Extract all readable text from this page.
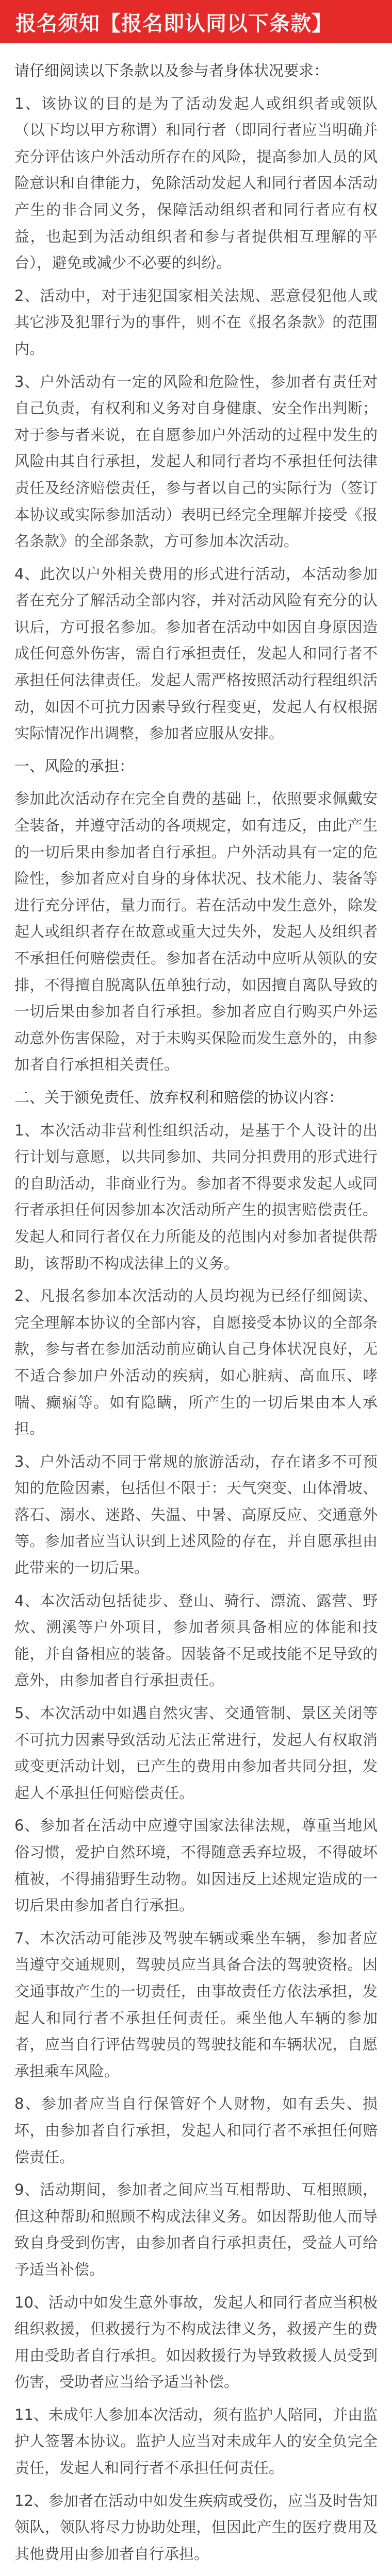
报名须知【报名即认同以下条款】

请仔细阅读以下条款以及参与者身体状况要求：

1、该协议的目的是为了活动发起人或组织者或领队（以下均以甲方称谓）和同行者（即同行者应当明确并充分评估该户外活动所存在的风险，提高参加人员的风险意识和自律能力，免除活动发起人和同行者因本活动产生的非合同义务，保障活动组织者和同行者应有权益，也起到为活动组织者和参与者提供相互理解的平台），避免或减少不必要的纠纷。

2、活动中，对于违犯国家相关法规、恶意侵犯他人或其它涉及犯罪行为的事件，则不在《报名条款》的范围内。

3、户外活动有一定的风险和危险性，参加者有责任对自己负责，有权利和义务对自身健康、安全作出判断；对于参与者来说，在自愿参加户外活动的过程中发生的风险由其自行承担，发起人和同行者均不承担任何法律责任及经济赔偿责任，参与者以自己的实际行为（签订本协议或实际参加活动）表明已经完全理解并接受《报名条款》的全部条款，方可参加本次活动。

4、此次以户外相关费用的形式进行活动，本活动参加者在充分了解活动全部内容，并对活动风险有充分的认识后，方可报名参加。参加者在活动中如因自身原因造成任何意外伤害，需自行承担责任，发起人和同行者不承担任何法律责任。发起人需严格按照活动行程组织活动，如因不可抗力因素导致行程变更，发起人有权根据实际情况作出调整，参加者应服从安排。

一、风险的承担：

参加此次活动存在完全自费的基础上，依照要求佩戴安全装备，并遵守活动的各项规定，如有违反，由此产生的一切后果由参加者自行承担。户外活动具有一定的危险性，参加者应对自身的身体状况、技术能力、装备等进行充分评估，量力而行。若在活动中发生意外，除发起人或组织者存在故意或重大过失外，发起人及组织者不承担任何赔偿责任。参加者在活动中应听从领队的安排，不得擅自脱离队伍单独行动，如因擅自离队导致的一切后果由参加者自行承担。参加者应自行购买户外运动意外伤害保险，对于未购买保险而发生意外的，由参加者自行承担相关责任。

二、关于额免责任、放弃权利和赔偿的协议内容：

1、本次活动非营利性组织活动，是基于个人设计的出行计划与意愿，以共同参加、共同分担费用的形式进行的自助活动，非商业行为。参加者不得要求发起人或同行者承担任何因参加本次活动所产生的损害赔偿责任。发起人和同行者仅在力所能及的范围内对参加者提供帮助，该帮助不构成法律上的义务。

2、凡报名参加本次活动的人员均视为已经仔细阅读、完全理解本协议的全部内容，自愿接受本协议的全部条款，参与者在参加活动前应确认自己身体状况良好，无不适合参加户外活动的疾病，如心脏病、高血压、哮喘、癫痫等。如有隐瞒，所产生的一切后果由本人承担。

3、户外活动不同于常规的旅游活动，存在诸多不可预知的危险因素，包括但不限于：天气突变、山体滑坡、落石、溺水、迷路、失温、中暑、高原反应、交通意外等。参加者应当认识到上述风险的存在，并自愿承担由此带来的一切后果。

4、本次活动包括徒步、登山、骑行、漂流、露营、野炊、溯溪等户外项目，参加者须具备相应的体能和技能，并自备相应的装备。因装备不足或技能不足导致的意外，由参加者自行承担责任。

5、本次活动中如遇自然灾害、交通管制、景区关闭等不可抗力因素导致活动无法正常进行，发起人有权取消或变更活动计划，已产生的费用由参加者共同分担，发起人不承担任何赔偿责任。

6、参加者在活动中应遵守国家法律法规，尊重当地风俗习惯，爱护自然环境，不得随意丢弃垃圾，不得破坏植被，不得捕猎野生动物。如因违反上述规定造成的一切后果由参加者自行承担。

7、本次活动可能涉及驾驶车辆或乘坐车辆，参加者应当遵守交通规则，驾驶员应当具备合法的驾驶资格。因交通事故产生的一切责任，由事故责任方依法承担，发起人和同行者不承担任何责任。乘坐他人车辆的参加者，应当自行评估驾驶员的驾驶技能和车辆状况，自愿承担乘车风险。

8、参加者应当自行保管好个人财物，如有丢失、损坏，由参加者自行承担，发起人和同行者不承担任何赔偿责任。

9、活动期间，参加者之间应当互相帮助、互相照顾，但这种帮助和照顾不构成法律义务。如因帮助他人而导致自身受到伤害，由参加者自行承担责任，受益人可给予适当补偿。

10、活动中如发生意外事故，发起人和同行者应当积极组织救援，但救援行为不构成法律义务，救援产生的费用由受助者自行承担。如因救援行为导致救援人员受到伤害，受助者应当给予适当补偿。

11、未成年人参加本次活动，须有监护人陪同，并由监护人签署本协议。监护人应当对未成年人的安全负完全责任，发起人和同行者不承担任何责任。

12、参加者在活动中如发生疾病或受伤，应当及时告知领队，领队将尽力协助处理，但因此产生的医疗费用及其他费用由参加者自行承担。
